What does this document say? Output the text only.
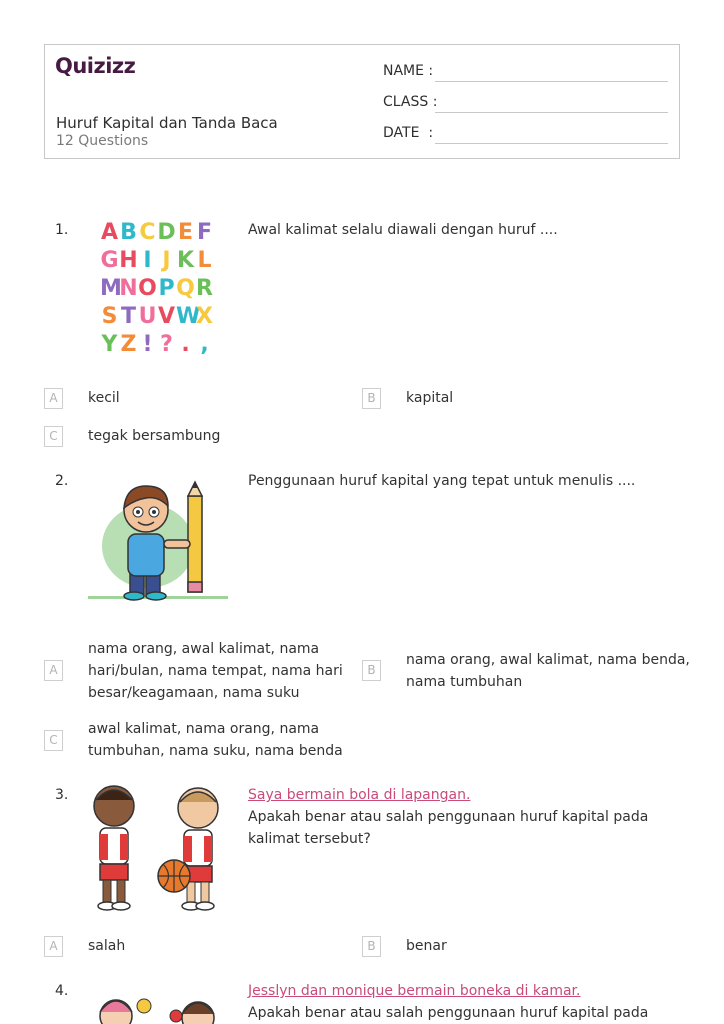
Quizizz
Huruf Kapital dan Tanda Baca
12 Questions
NAME :
CLASS :
DATE  :
1. A B C D E F
G H I J K L
M
N O P Q R
S T U V W
X
Y Z ! ? . ,
Awal kalimat selalu diawali dengan huruf ....
A	kecil	B	kapital
C	tegak bersambung
2.	Penggunaan huruf kapital yang tepat untuk menulis ....
A
nama orang, awal kalimat, nama
hari/bulan, nama tempat, nama hari
besar/keagamaan, nama suku
B
nama orang, awal kalimat, nama benda,
nama tumbuhan
C
awal kalimat, nama orang, nama
tumbuhan, nama suku, nama benda
3.	Saya bermain bola di lapangan.
Apakah benar atau salah penggunaan huruf kapital pada
kalimat tersebut?
A	salah	B	benar
4.	Jesslyn dan monique bermain boneka di kamar.
Apakah benar atau salah penggunaan huruf kapital pada
